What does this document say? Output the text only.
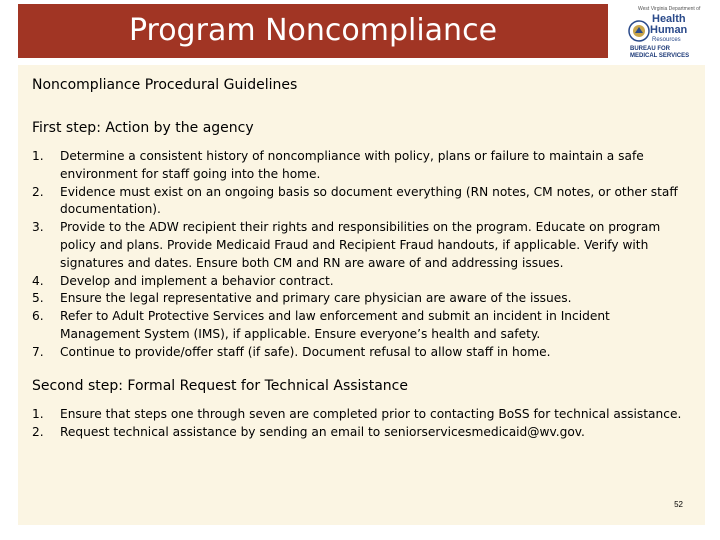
Program Noncompliance
West Virginia Department of
Health
Human
Resources
BUREAU FOR
MEDICAL SERVICES
Noncompliance Procedural Guidelines
First step: Action by the agency
1. Determine a consistent history of noncompliance with policy, plans or failure to maintain a safe environment for staff going into the home.
2. Evidence must exist on an ongoing basis so document everything (RN notes, CM notes, or other staff documentation).
3. Provide to the ADW recipient their rights and responsibilities on the program. Educate on program policy and plans. Provide Medicaid Fraud and Recipient Fraud handouts, if applicable. Verify with signatures and dates. Ensure both CM and RN are aware of and addressing issues.
4. Develop and implement a behavior contract.
5. Ensure the legal representative and primary care physician are aware of the issues.
6. Refer to Adult Protective Services and law enforcement and submit an incident in Incident Management System (IMS), if applicable. Ensure everyone’s health and safety.
7. Continue to provide/offer staff (if safe). Document refusal to allow staff in home.
Second step: Formal Request for Technical Assistance
1. Ensure that steps one through seven are completed prior to contacting BoSS for technical assistance.
2. Request technical assistance by sending an email to seniorservicesmedicaid@wv.gov.
52
